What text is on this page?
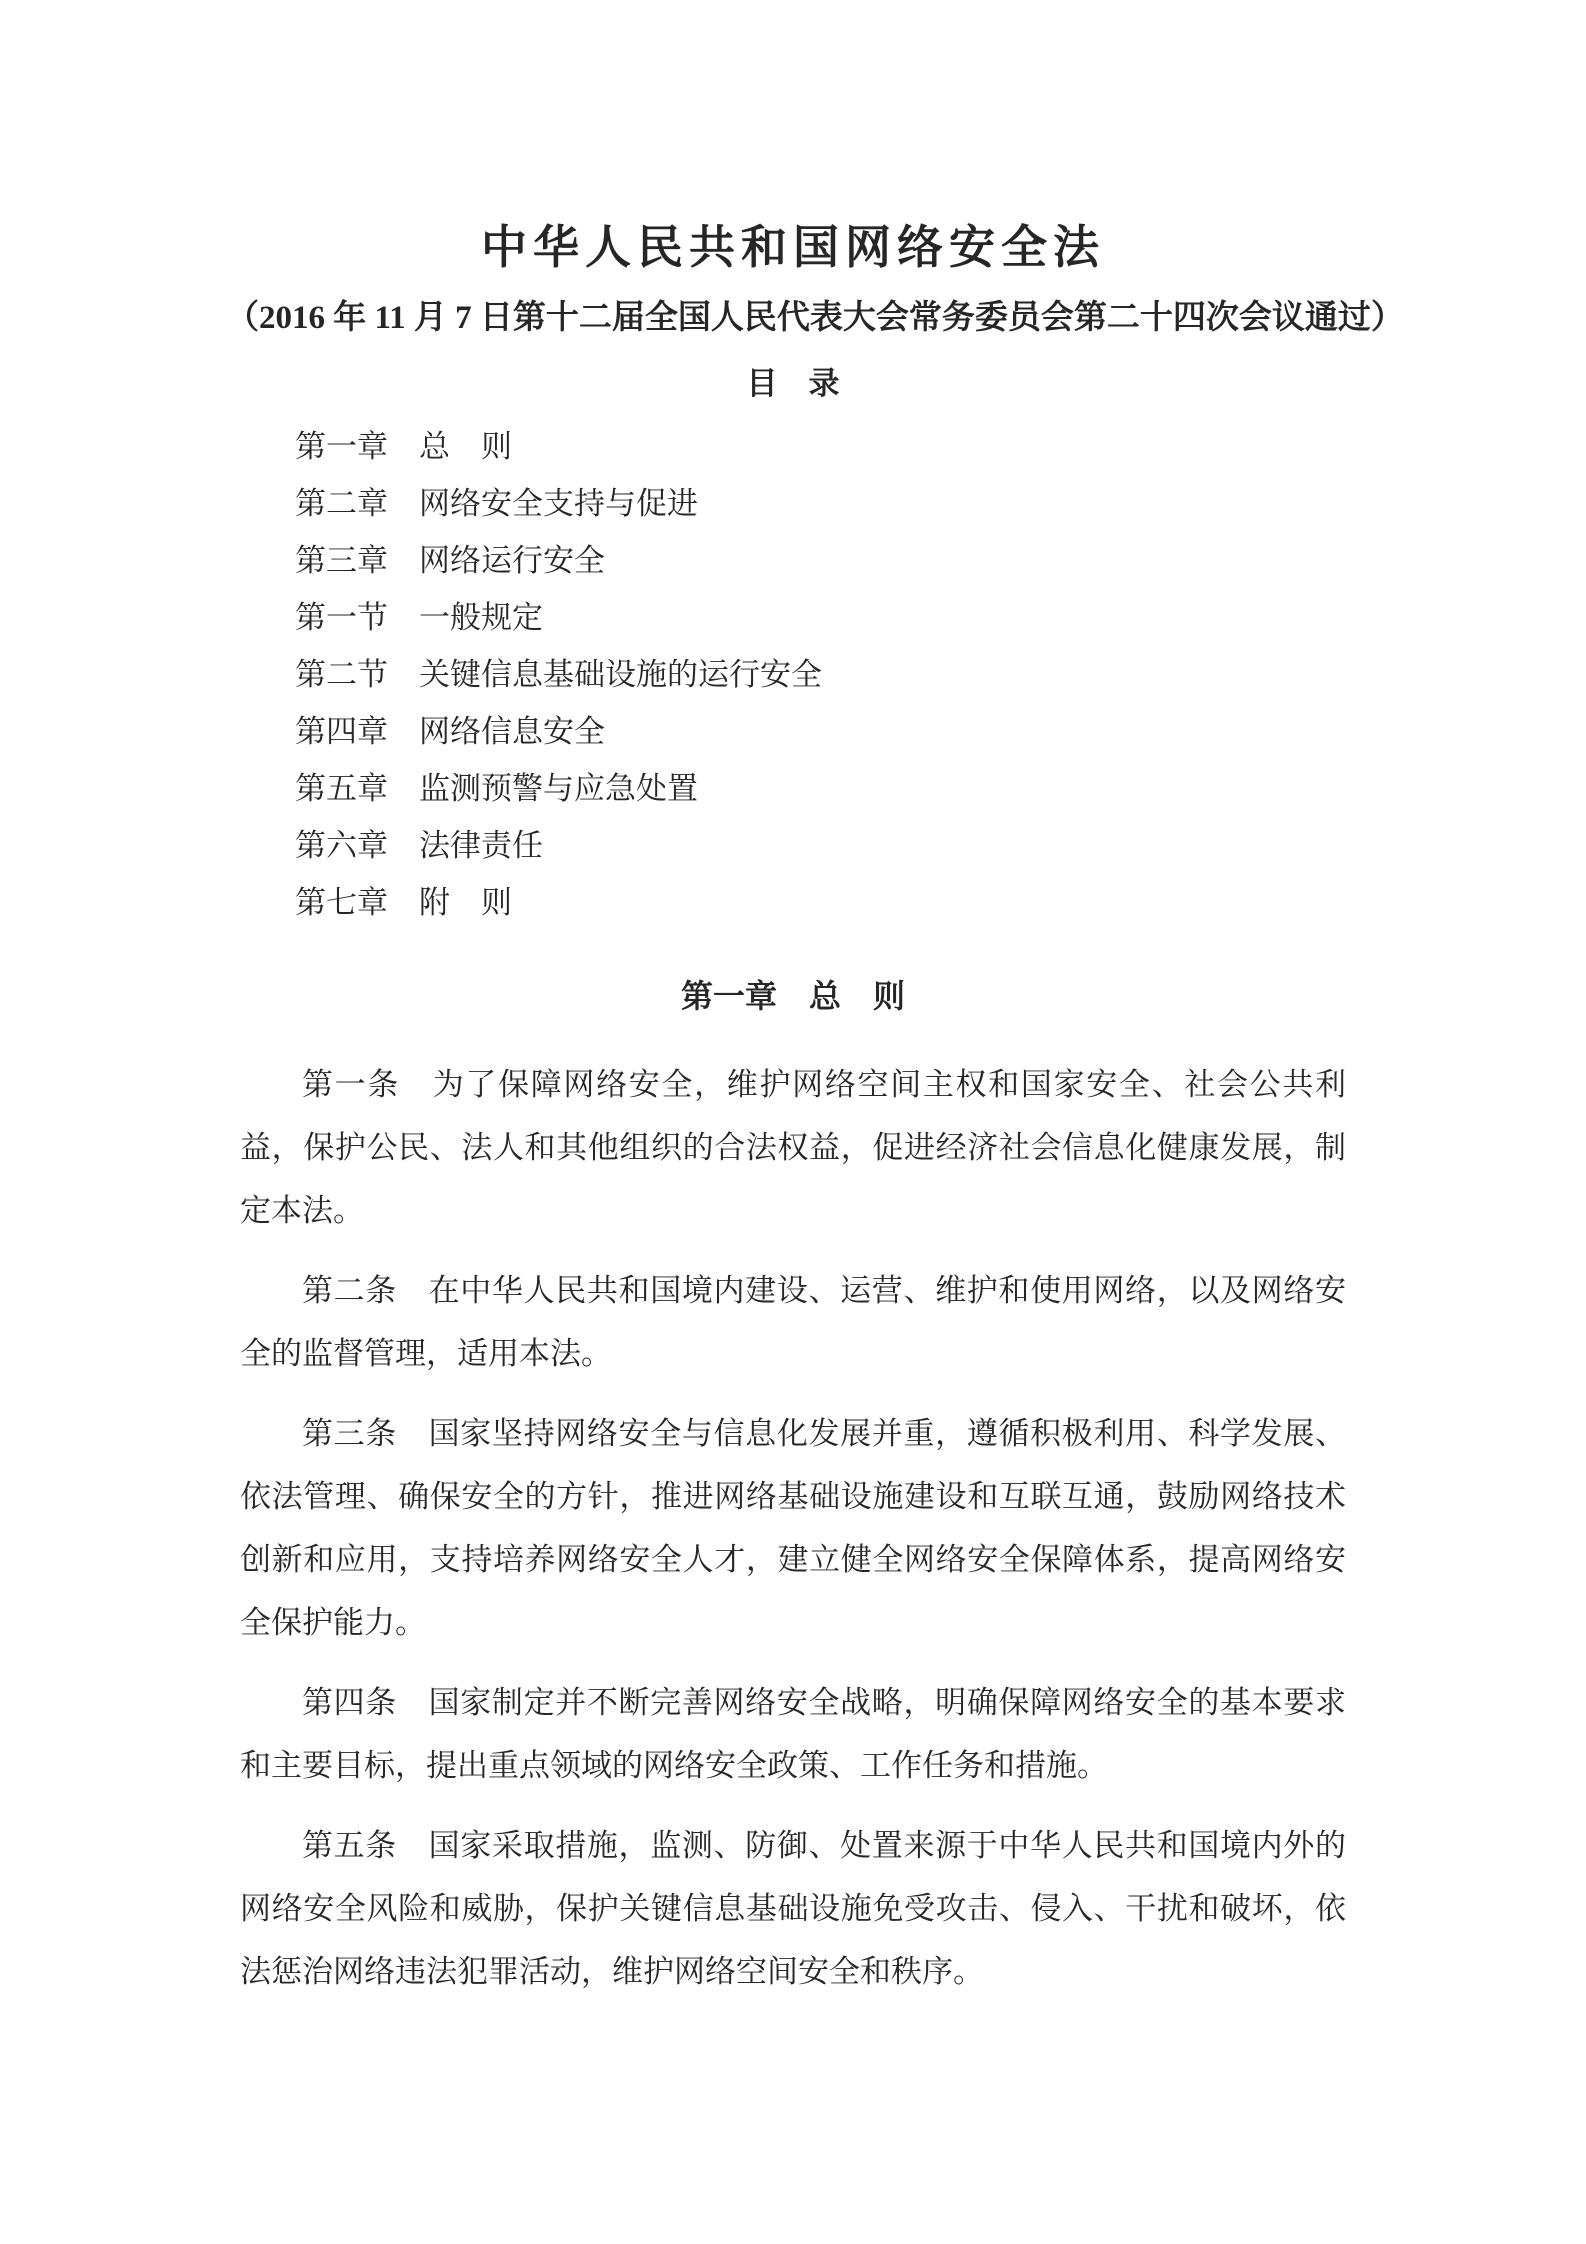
中华人民共和国网络安全法
（2016 年 11 月 7 日第十二届全国人民代表大会常务委员会第二十四次会议通过）
目　录
第一章　总　则
第二章　网络安全支持与促进
第三章　网络运行安全
第一节　一般规定
第二节　关键信息基础设施的运行安全
第四章　网络信息安全
第五章　监测预警与应急处置
第六章　法律责任
第七章　附　则
第一章　总　则

第一条　为了保障网络安全，维护网络空间主权和国家安全、社会公共利益，保护公民、法人和其他组织的合法权益，促进经济社会信息化健康发展，制定本法。

第二条　在中华人民共和国境内建设、运营、维护和使用网络，以及网络安全的监督管理，适用本法。

第三条　国家坚持网络安全与信息化发展并重，遵循积极利用、科学发展、依法管理、确保安全的方针，推进网络基础设施建设和互联互通，鼓励网络技术创新和应用，支持培养网络安全人才，建立健全网络安全保障体系，提高网络安全保护能力。

第四条　国家制定并不断完善网络安全战略，明确保障网络安全的基本要求和主要目标，提出重点领域的网络安全政策、工作任务和措施。

第五条　国家采取措施，监测、防御、处置来源于中华人民共和国境内外的网络安全风险和威胁，保护关键信息基础设施免受攻击、侵入、干扰和破坏，依法惩治网络违法犯罪活动，维护网络空间安全和秩序。
